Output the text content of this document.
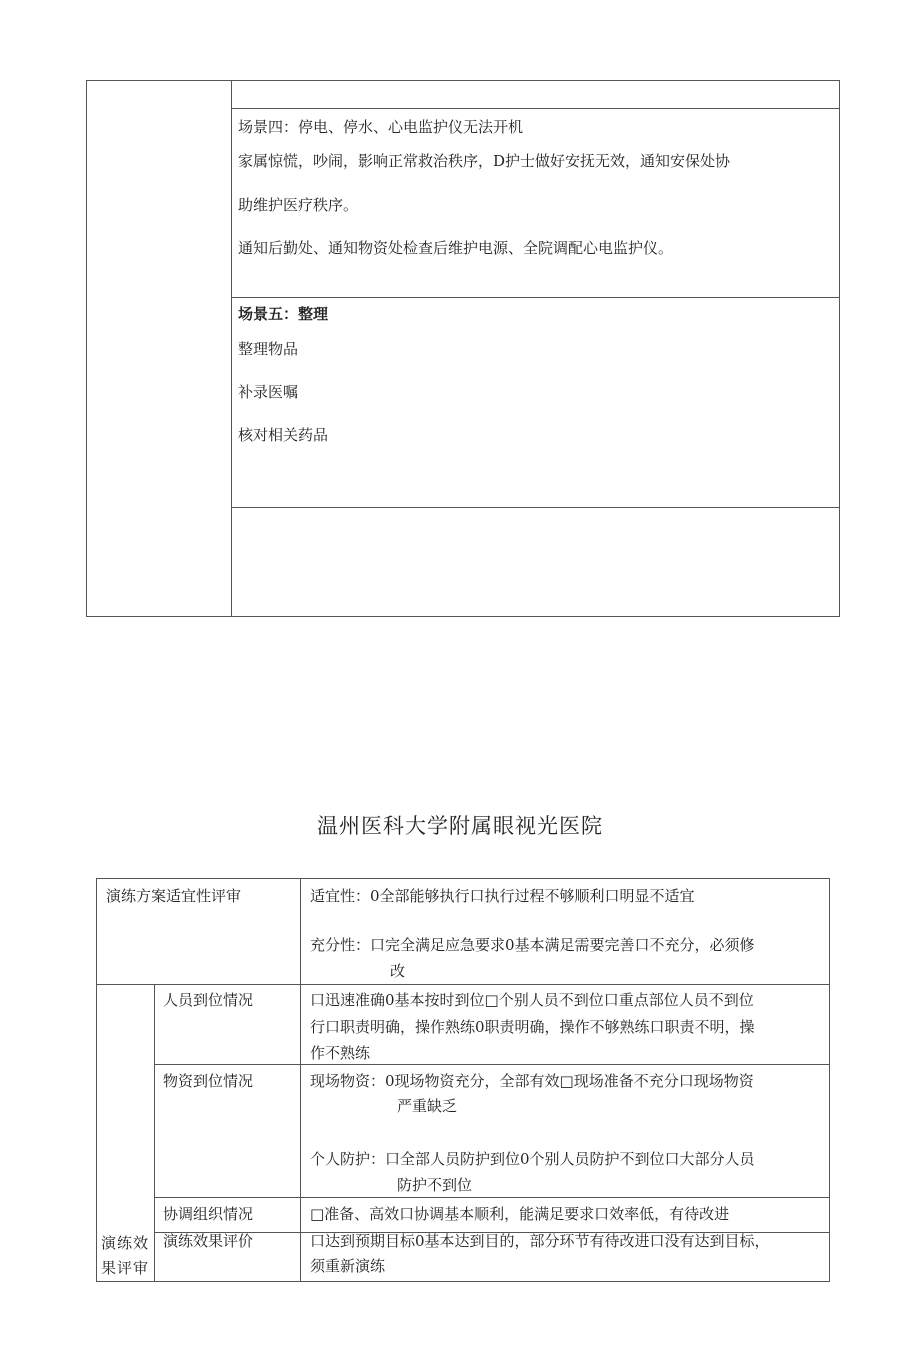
场景四：停电、停水、心电监护仪无法开机
家属惊慌，吵闹，影响正常救治秩序，D护士做好安抚无效，通知安保处协
助维护医疗秩序。
通知后勤处、通知物资处检查后维护电源、全院调配心电监护仪。
场景五：整理
整理物品
补录医嘱
核对相关药品
温州医科大学附属眼视光医院
演练方案适宜性评审	适宜性：0全部能够执行口执行过程不够顺利口明显不适宜
充分性：口完全满足应急要求0基本满足需要完善口不充分，必须修
改
演练效果评审
人员到位情况	口迅速准确0基本按时到位□个别人员不到位口重点部位人员不到位
行口职责明确，操作熟练0职责明确，操作不够熟练口职责不明，操
作不熟练
物资到位情况	现场物资：0现场物资充分，全部有效□现场准备不充分口现场物资
严重缺乏
个人防护：口全部人员防护到位0个别人员防护不到位口大部分人员
防护不到位
协调组织情况	□准备、高效口协调基本顺利，能满足要求口效率低，有待改进
演练效果评价	口达到预期目标0基本达到目的，部分环节有待改进口没有达到目标，
须重新演练
